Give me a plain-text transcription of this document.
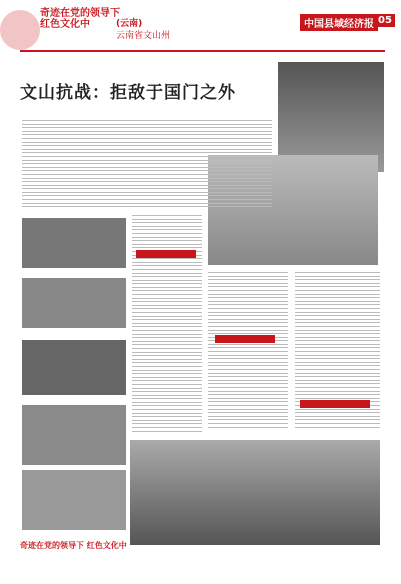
奇迹在党的领导下
红色文化中	(云南)
云南省文山州
中国县域经济报 05
文山抗战：拒敌于国门之外
奇迹在党的领导下 红色文化中
